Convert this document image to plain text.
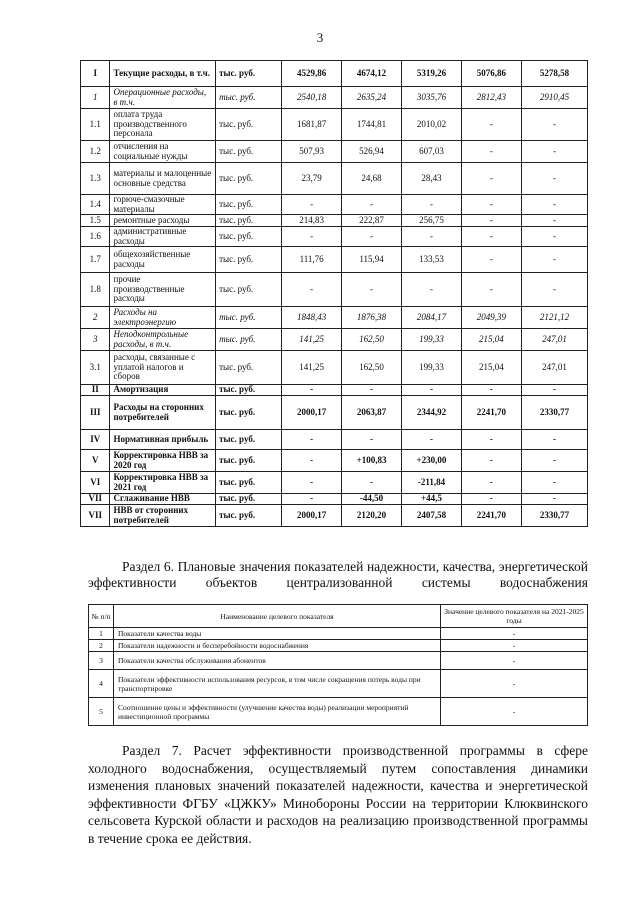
3
I	Текущие расходы, в т.ч.	тыс. руб.	4529,86	4674,12	5319,26	5076,86	5278,58
1	Операционные расходы, в т.ч.	тыс. руб.	2540,18	2635,24	3035,76	2812,43	2910,45
1.1	оплата труда производственного персонала	тыс. руб.	1681,87	1744,81	2010,02	-	-
1.2	отчисления на социальные нужды	тыс. руб.	507,93	526,94	607,03	-	-
1.3	материалы и малоценные основные средства	тыс. руб.	23,79	24,68	28,43	-	-
1.4	горюче-смазочные материалы	тыс. руб.	-	-	-	-	-
1.5	ремонтные расходы	тыс. руб.	214,83	222,87	256,75	-	-
1.6	административные расходы	тыс. руб.	-	-	-	-	-
1.7	общехозяйственные расходы	тыс. руб.	111,76	115,94	133,53	-	-
1.8	прочие производственные расходы	тыс. руб.	-	-	-	-	-
2	Расходы на электроэнергию	тыс. руб.	1848,43	1876,38	2084,17	2049,39	2121,12
3	Неподконтрольные расходы, в т.ч.	тыс. руб.	141,25	162,50	199,33	215,04	247,01
3.1	расходы, связанные с уплатой налогов и сборов	тыс. руб.	141,25	162,50	199,33	215,04	247,01
II	Амортизация	тыс. руб.	-	-	-	-	-
III	Расходы на сторонних потребителей	тыс. руб.	2000,17	2063,87	2344,92	2241,70	2330,77
IV	Нормативная прибыль	тыс. руб.	-	-	-	-	-
V	Корректировка НВВ за 2020 год	тыс. руб.	-	+100,83	+230,00	-	-
VI	Корректировка НВВ за 2021 год	тыс. руб.	-	-	-211,84	-	-
VII	Сглаживание НВВ	тыс. руб.	-	-44,50	+44,5	-	-
VII	НВВ от сторонних потребителей	тыс. руб.	2000,17	2120,20	2407,58	2241,70	2330,77
Раздел 6. Плановые значения показателей надежности, качества, энергетической эффективности объектов централизованной системы водоснабжения
№ п/п	Наименование целевого показателя	Значение целевого показателя на 2021-2025 годы
1	Показатели качества воды	-
2	Показатели надежности и бесперебойности водоснабжения	-
3	Показатели качества обслуживания абонентов	-
4	Показатели эффективности использования ресурсов, в том числе сокращения потерь воды при транспортировке	-
5	Соотношение цены и эффективности (улучшение качества воды) реализации мероприятий инвестиционной программы	-
Раздел 7. Расчет эффективности производственной программы в сфере холодного водоснабжения, осуществляемый путем сопоставления динамики изменения плановых значений показателей надежности, качества и энергетической эффективности ФГБУ «ЦЖКУ» Минобороны России на территории Клюквинского сельсовета Курской области и расходов на реализацию производственной программы в течение срока ее действия.
